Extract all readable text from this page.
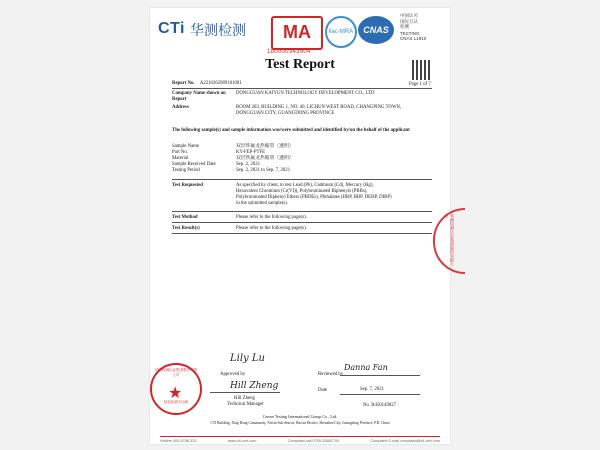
CTi 华测检测	MA
180000343904
ilac-MRA	CNAS
中国认可
国际互认
检测
TESTING
CNAS L1910
Test Report
Page 1 of 7
Report No. A2210362989101001
Company Name shown on Report
DONGGUAN KAIYUN TECHNOLOGY DEVELOPMENT CO., LTD
Address	ROOM 203, BUILDING 1, NO. 40, LICHUN WEST ROAD, CHANGPING TOWN,
DONGGUAN CITY, GUANGDONG PROVINCE
The following sample(s) and sample information was/were submitted and identified by/on the behalf of the applicant
Sample Name	双层铁氟龙热缩管（透明）
Part No.	KY-FEP-PTFE
Material	双层铁氟龙热缩管（透明）
Sample Received Date	Sep. 2, 2021
Testing Period	Sep. 2, 2021 to Sep. 7, 2021
Test Requested	As specified by client, to test Lead (Pb), Cadmium (Cd), Mercury (Hg),
Hexavalent Chromium (Cr(VI)), Polybrominated Biphenyls (PBBs),
Polybrominated Diphenyl Ethers (PBDEs), Phthalates (DBP, BBP, DEHP, DIBP)
in the submitted sample(s).
Test Method	Please refer to the following page(s).
Test Result(s)	Please refer to the following page(s).	华测检测认证集团股份有限公司
Lily Lu
Approved by
Hill Zheng
Hill Zheng
Technical Manager
Reviewed by
Danna Fan
Date	Sep. 7, 2021
No. R450149827
华测检测认证集团股份有限公司
检验检测专用章
★
Centre Testing International Group Co., Ltd.
CTI Building, Xing Dong Community, Xin'an Sub-district, Bao'an District, Shenzhen City, Guangdong Province, P.R. China
Hotline 400-6788-333	www.cti-cert.com	Complaint call 0755-33681700	Complaint E-mail complaint@cti-cert.com
